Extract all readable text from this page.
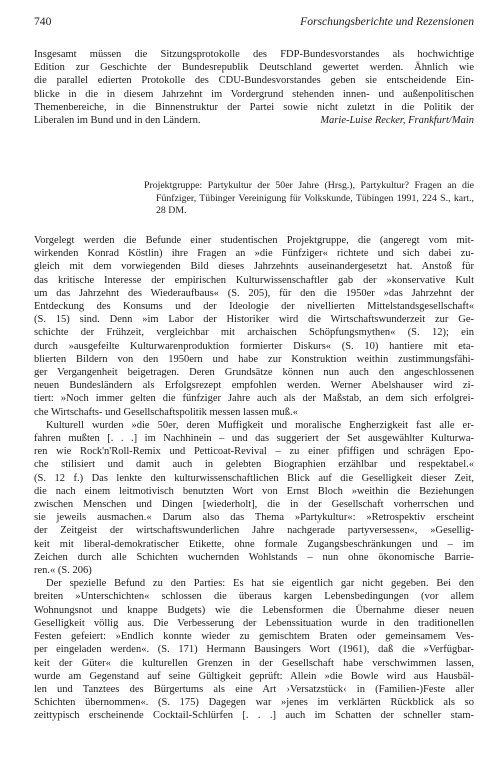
740	Forschungsberichte und Rezensionen
Insgesamt müssen die Sitzungsprotokolle des FDP-Bundesvorstandes als hochwichtige
Edition zur Geschichte der Bundesrepublik Deutschland gewertet werden. Ähnlich wie
die parallel edierten Protokolle des CDU-Bundesvorstandes geben sie entscheidende Ein-
blicke in die in diesem Jahrzehnt im Vordergrund stehenden innen- und außenpolitischen
Themenbereiche, in die Binnenstruktur der Partei sowie nicht zuletzt in die Politik der
Liberalen im Bund und in den Ländern.	Marie-Luise Recker, Frankfurt/Main
Projektgruppe: Partykultur der 50er Jahre (Hrsg.), Partykultur? Fragen an die
Fünfziger, Tübinger Vereinigung für Volkskunde, Tübingen 1991, 224 S., kart.,
28 DM.

Vorgelegt werden die Befunde einer studentischen Projektgruppe, die (angeregt vom mit-
wirkenden Konrad Köstlin) ihre Fragen an »die Fünfziger« richtete und sich dabei zu-
gleich mit dem vorwiegenden Bild dieses Jahrzehnts auseinandergesetzt hat. Anstoß für
das kritische Interesse der empirischen Kulturwissenschaftler gab der »konservative Kult
um das Jahrzehnt des Wiederaufbaus« (S. 205), für den die 1950er »das Jahrzehnt der
Entdeckung des Konsums und der Ideologie der nivellierten Mittelstandsgesellschaft«
(S. 15) sind. Denn »im Labor der Historiker wird die Wirtschaftswunderzeit zur Ge-
schichte der Frühzeit, vergleichbar mit archaischen Schöpfungsmythen« (S. 12); ein
durch »ausgefeilte Kulturwarenproduktion formierter Diskurs« (S. 10) hantiere mit eta-
blierten Bildern von den 1950ern und habe zur Konstruktion weithin zustimmungsfähi-
ger Vergangenheit beigetragen. Deren Grundsätze können nun auch den angeschlossenen
neuen Bundesländern als Erfolgsrezept empfohlen werden. Werner Abelshauser wird zi-
tiert: »Noch immer gelten die fünfziger Jahre auch als der Maßstab, an dem sich erfolgrei-
che Wirtschafts- und Gesellschaftspolitik messen lassen muß.«

Kulturell wurden »die 50er, deren Muffigkeit und moralische Engherzigkeit fast alle er-
fahren mußten [. . .] im Nachhinein – und das suggeriert der Set ausgewählter Kulturwa-
ren wie Rock'n'Roll-Remix und Petticoat-Revival – zu einer pfiffigen und schrägen Epo-
che stilisiert und damit auch in gelebten Biographien erzählbar und respektabel.«
(S. 12 f.) Das lenkte den kulturwissenschaftlichen Blick auf die Geselligkeit dieser Zeit,
die nach einem leitmotivisch benutzten Wort von Ernst Bloch »weithin die Beziehungen
zwischen Menschen und Dingen [wiederholt], die in der Gesellschaft vorherrschen und
sie jeweils ausmachen.« Darum also das Thema »Partykultur«: »Retrospektiv erscheint
der Zeitgeist der wirtschaftswunderlichen Jahre nachgerade partyversessen«, »Gesellig-
keit mit liberal-demokratischer Etikette, ohne formale Zugangsbeschränkungen und – im
Zeichen durch alle Schichten wuchernden Wohlstands – nun ohne ökonomische Barrie-
ren.« (S. 206)

Der spezielle Befund zu den Parties: Es hat sie eigentlich gar nicht gegeben. Bei den
breiten »Unterschichten« schlossen die überaus kargen Lebensbedingungen (vor allem
Wohnungsnot und knappe Budgets) wie die Lebensformen die Übernahme dieser neuen
Geselligkeit völlig aus. Die Verbesserung der Lebenssituation wurde in den traditionellen
Festen gefeiert: »Endlich konnte wieder zu gemischtem Braten oder gemeinsamem Ves-
per eingeladen werden«. (S. 171) Hermann Bausingers Wort (1961), daß die »Verfügbar-
keit der Güter« die kulturellen Grenzen in der Gesellschaft habe verschwimmen lassen,
wurde am Gegenstand auf seine Gültigkeit geprüft: Allein »die Bowle wird aus Hausbäl-
len und Tanztees des Bürgertums als eine Art ›Versatzstück‹ in (Familien-)Feste aller
Schichten übernommen«. (S. 175) Dagegen war »jenes im verklärten Rückblick als so
zeittypisch erscheinende Cocktail-Schlürfen [. . .] auch im Schatten der schneller stam-
